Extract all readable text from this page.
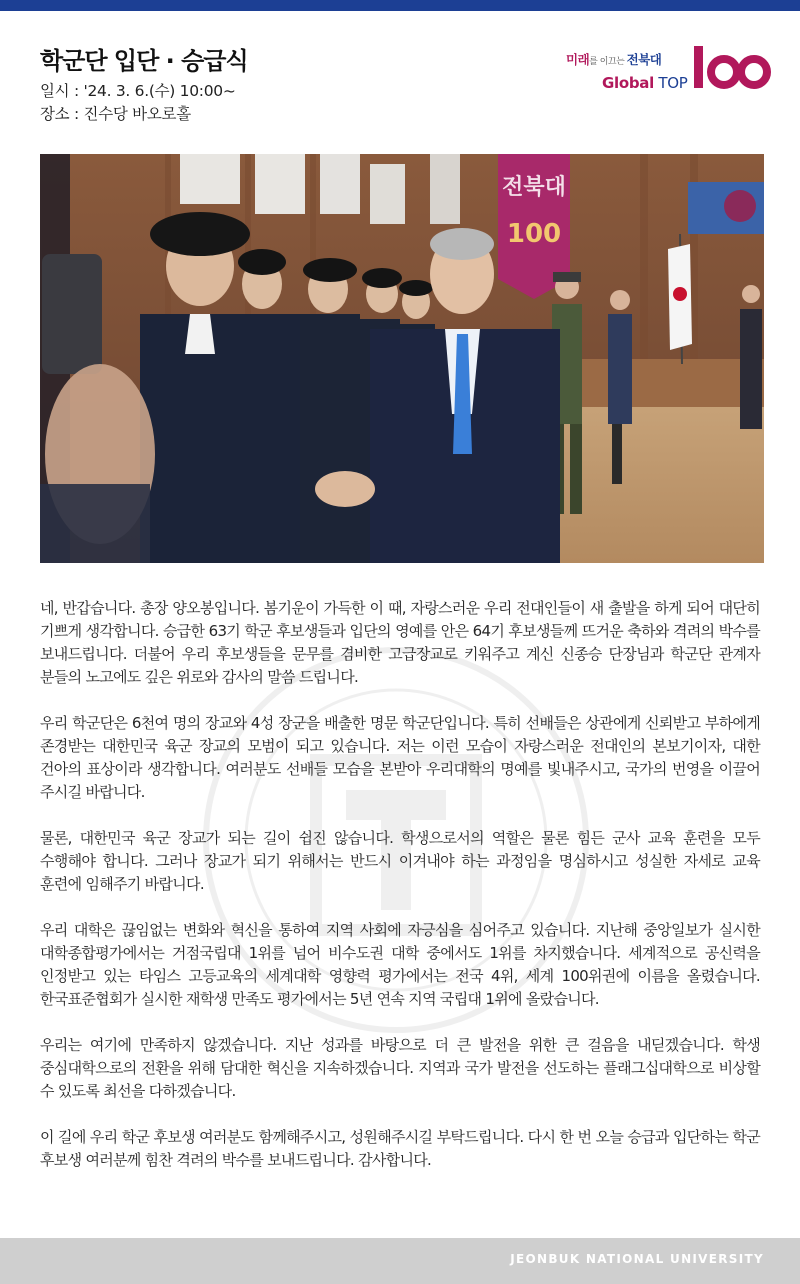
학군단 입단 · 승급식
일시 : '24. 3. 6.(수) 10:00~
장소 : 진수당 바오로홀
미래를 이끄는 전북대
Global TOP
전북대
100

네, 반갑습니다. 총장 양오봉입니다. 봄기운이 가득한 이 때, 자랑스러운 우리 전대인들이 새 출발을 하게 되어 대단히 기쁘게 생각합니다. 승급한 63기 학군 후보생들과 입단의 영예를 안은 64기 후보생들께 뜨거운 축하와 격려의 박수를 보내드립니다. 더불어 우리 후보생들을 문무를 겸비한 고급장교로 키워주고 계신 신종승 단장님과 학군단 관계자 분들의 노고에도 깊은 위로와 감사의 말씀 드립니다.

우리 학군단은 6천여 명의 장교와 4성 장군을 배출한 명문 학군단입니다. 특히 선배들은 상관에게 신뢰받고 부하에게 존경받는 대한민국 육군 장교의 모범이 되고 있습니다. 저는 이런 모습이 자랑스러운 전대인의 본보기이자, 대한 건아의 표상이라 생각합니다. 여러분도 선배들 모습을 본받아 우리대학의 명예를 빛내주시고, 국가의 번영을 이끌어 주시길 바랍니다.

물론, 대한민국 육군 장교가 되는 길이 쉽진 않습니다. 학생으로서의 역할은 물론 힘든 군사 교육 훈련을 모두 수행해야 합니다. 그러나 장교가 되기 위해서는 반드시 이겨내야 하는 과정임을 명심하시고 성실한 자세로 교육 훈련에 임해주기 바랍니다.

우리 대학은 끊임없는 변화와 혁신을 통하여 지역 사회에 자긍심을 심어주고 있습니다. 지난해 중앙일보가 실시한 대학종합평가에서는 거점국립대 1위를 넘어 비수도권 대학 중에서도 1위를 차지했습니다. 세계적으로 공신력을 인정받고 있는 타임스 고등교육의 세계대학 영향력 평가에서는 전국 4위, 세계 100위권에 이름을 올렸습니다. 한국표준협회가 실시한 재학생 만족도 평가에서는 5년 연속 지역 국립대 1위에 올랐습니다.

우리는 여기에 만족하지 않겠습니다. 지난 성과를 바탕으로 더 큰 발전을 위한 큰 걸음을 내딛겠습니다. 학생 중심대학으로의 전환을 위해 담대한 혁신을 지속하겠습니다. 지역과 국가 발전을 선도하는 플래그십대학으로 비상할 수 있도록 최선을 다하겠습니다.

이 길에 우리 학군 후보생 여러분도 함께해주시고, 성원해주시길 부탁드립니다. 다시 한 번 오늘 승급과 입단하는 학군 후보생 여러분께 힘찬 격려의 박수를 보내드립니다. 감사합니다.

JEONBUK NATIONAL UNIVERSITY
